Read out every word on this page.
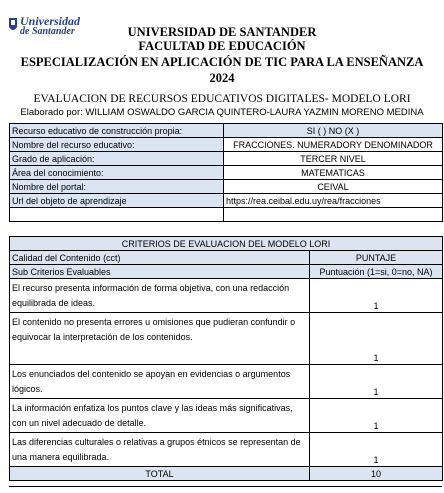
Universidad
de Santander	UNIVERSIDAD DE SANTANDER
FACULTAD DE EDUCACIÓN
ESPECIALIZACIÓN EN APLICACIÓN DE TIC PARA LA ENSEÑANZA
2024
EVALUACION DE RECURSOS EDUCATIVOS DIGITALES- MODELO LORI
Elaborado por: WILLIAM OSWALDO GARCIA QUINTERO-LAURA YAZMIN MORENO MEDINA
Recurso educativo de construcción propia:	SI ( ) NO (X )
Nombre del recurso educativo:	FRACCIONES. NUMERADORY DENOMINADOR
Grado de aplicación:	TERCER NIVEL
Área del conocimiento:	MATEMATICAS
Nombre del portal:	CEIVAL
Url del objeto de aprendizaje	https://rea.ceibal.edu.uy/rea/fracciones

CRITERIOS DE EVALUACION DEL MODELO LORI	
Calidad del Contenido (cct)	PUNTAJE
Sub Criterios Evaluables	Puntuación (1=si, 0=no, NA)
El recurso presenta información de forma objetiva, con una redacción equilibrada de ideas.	1
El contenido no presenta errores u omisiones que pudieran confundir o equivocar la interpretación de los contenidos.	1
Los enunciados del contenido se apoyan en evidencias o argumentos lógicos.	1
La información enfatiza los puntos clave y las ideas más significativas, con un nivel adecuado de detalle.	1
Las diferencias culturales o relativas a grupos étnicos se representan de una manera equilibrada.	1
TOTAL	10
